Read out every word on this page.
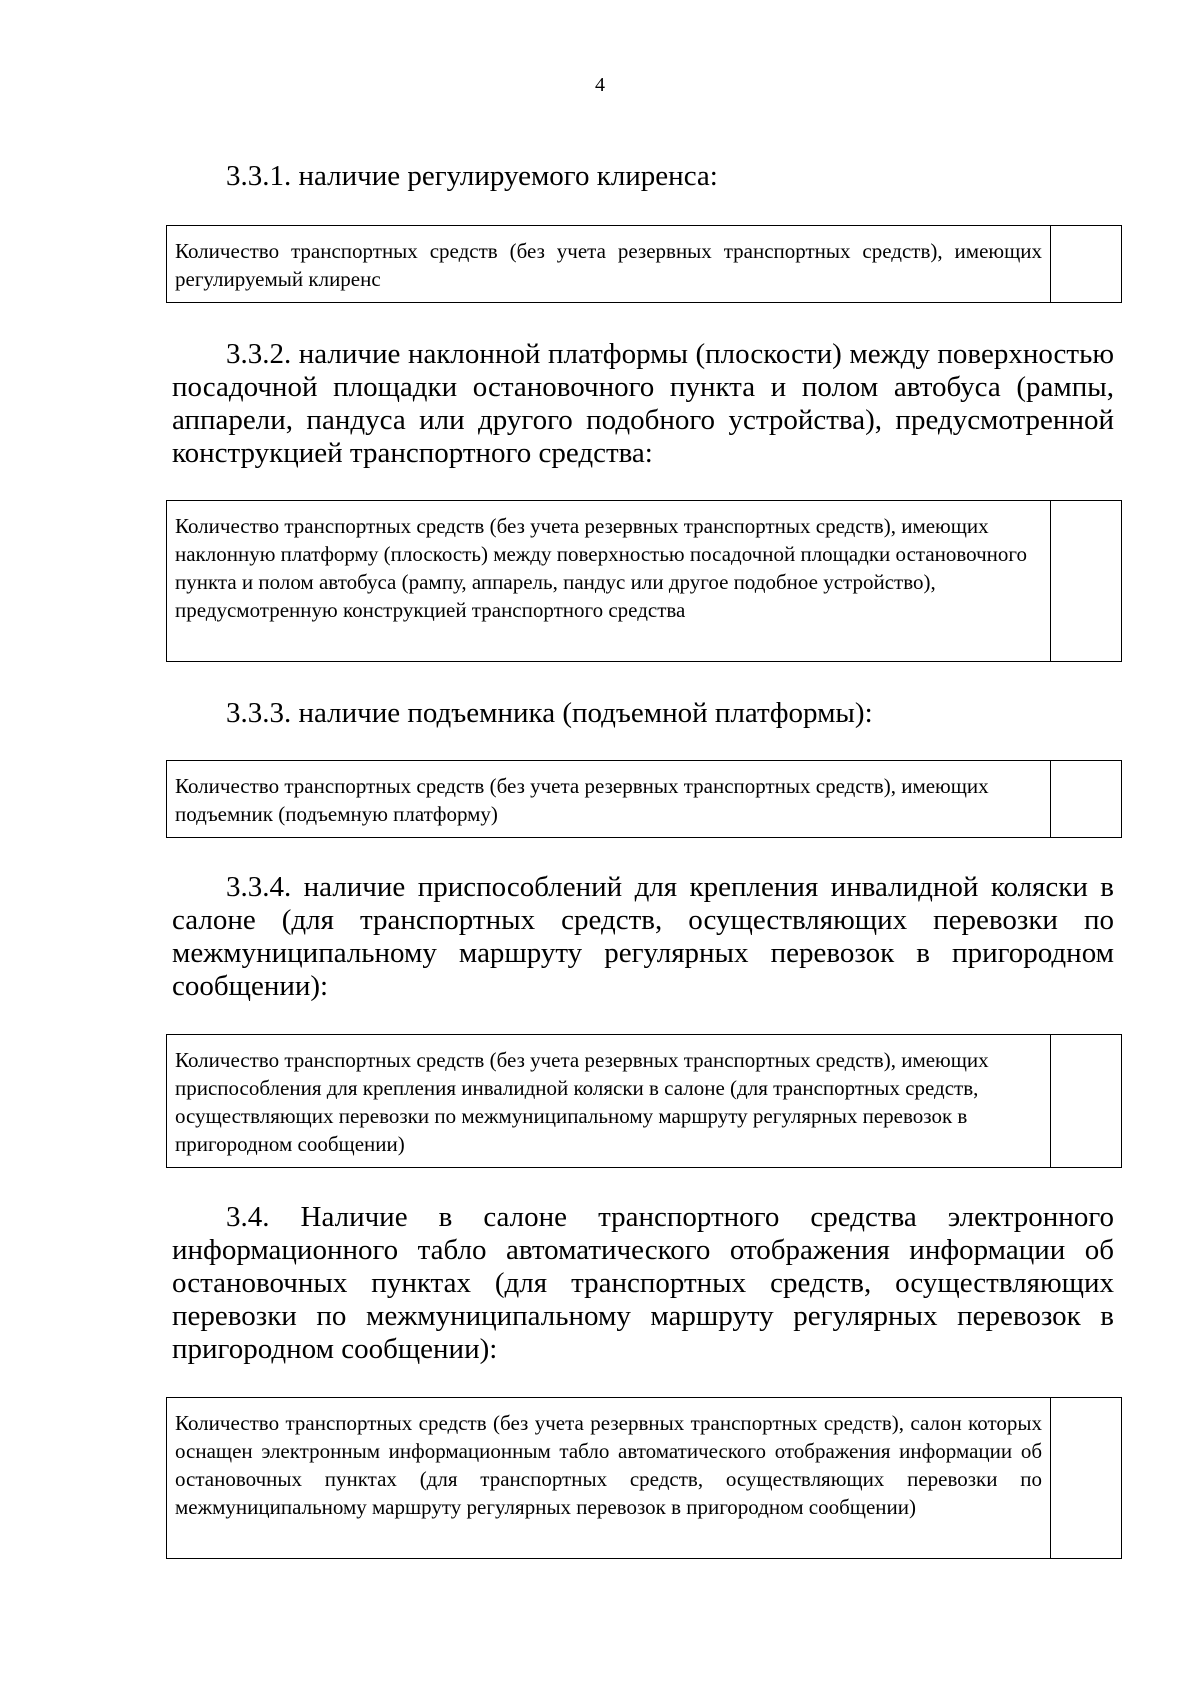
4

3.3.1. наличие регулируемого клиренса:

Количество транспортных средств (без учета резервных транспортных средств), имеющих регулируемый клиренс

3.3.2. наличие наклонной платформы (плоскости) между поверхностью посадочной площадки остановочного пункта и полом автобуса (рампы, аппарели, пандуса или другого подобного устройства), предусмотренной конструкцией транспортного средства:

Количество транспортных средств (без учета резервных транспортных средств), имеющих наклонную платформу (плоскость) между поверхностью посадочной площадки остановочного пункта и полом автобуса (рампу, аппарель, пандус или другое подобное устройство), предусмотренную конструкцией транспортного средства

3.3.3. наличие подъемника (подъемной платформы):

Количество транспортных средств (без учета резервных транспортных средств), имеющих подъемник (подъемную платформу)

3.3.4. наличие приспособлений для крепления инвалидной коляски в салоне (для транспортных средств, осуществляющих перевозки по межмуниципальному маршруту регулярных перевозок в пригородном сообщении):

Количество транспортных средств (без учета резервных транспортных средств), имеющих приспособления для крепления инвалидной коляски в салоне (для транспортных средств, осуществляющих перевозки по межмуниципальному маршруту регулярных перевозок в пригородном сообщении)

3.4. Наличие в салоне транспортного средства электронного информационного табло автоматического отображения информации об остановочных пунктах (для транспортных средств, осуществляющих перевозки по межмуниципальному маршруту регулярных перевозок в пригородном сообщении):

Количество транспортных средств (без учета резервных транспортных средств), салон которых оснащен электронным информационным табло автоматического отображения информации об остановочных пунктах (для транспортных средств, осуществляющих перевозки по межмуниципальному маршруту регулярных перевозок в пригородном сообщении)
